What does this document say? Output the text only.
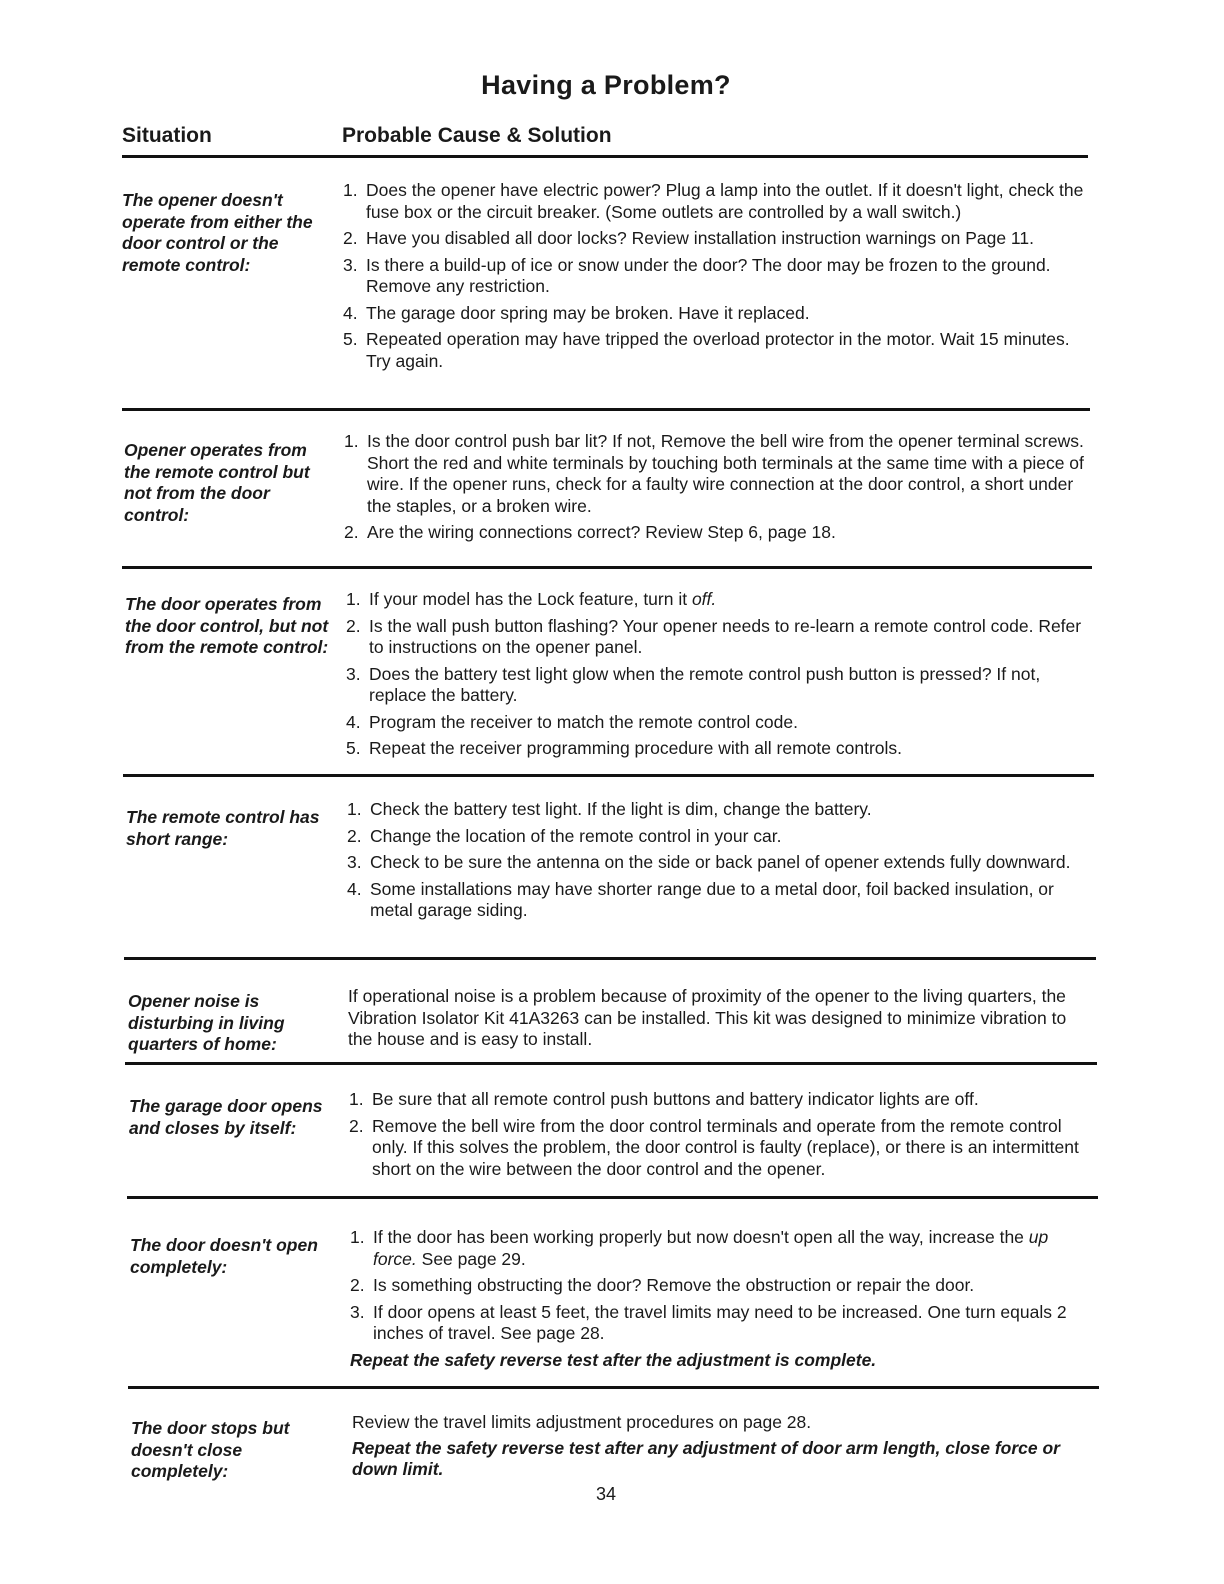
Having a Problem?
Situation	Probable Cause & Solution
The opener doesn't operate from either the door control or the remote control:
1. Does the opener have electric power? Plug a lamp into the outlet. If it doesn't light, check the fuse box or the circuit breaker. (Some outlets are controlled by a wall switch.)
2. Have you disabled all door locks? Review installation instruction warnings on Page 11.
3. Is there a build-up of ice or snow under the door? The door may be frozen to the ground. Remove any restriction.
4. The garage door spring may be broken. Have it replaced.
5. Repeated operation may have tripped the overload protector in the motor. Wait 15 minutes. Try again.
Opener operates from the remote control but not from the door control:
1. Is the door control push bar lit? If not, Remove the bell wire from the opener terminal screws. Short the red and white terminals by touching both terminals at the same time with a piece of wire. If the opener runs, check for a faulty wire connection at the door control, a short under the staples, or a broken wire.
2. Are the wiring connections correct? Review Step 6, page 18.
The door operates from the door control, but not from the remote control:
1. If your model has the Lock feature, turn it off.
2. Is the wall push button flashing? Your opener needs to re-learn a remote control code. Refer to instructions on the opener panel.
3. Does the battery test light glow when the remote control push button is pressed? If not, replace the battery.
4. Program the receiver to match the remote control code.
5. Repeat the receiver programming procedure with all remote controls.
The remote control has short range:
1. Check the battery test light. If the light is dim, change the battery.
2. Change the location of the remote control in your car.
3. Check to be sure the antenna on the side or back panel of opener extends fully downward.
4. Some installations may have shorter range due to a metal door, foil backed insulation, or metal garage siding.
Opener noise is disturbing in living quarters of home:

If operational noise is a problem because of proximity of the opener to the living quarters, the Vibration Isolator Kit 41A3263 can be installed. This kit was designed to minimize vibration to the house and is easy to install.

The garage door opens and closes by itself:
1. Be sure that all remote control push buttons and battery indicator lights are off.
2. Remove the bell wire from the door control terminals and operate from the remote control only. If this solves the problem, the door control is faulty (replace), or there is an intermittent short on the wire between the door control and the opener.
The door doesn't open completely:
1. If the door has been working properly but now doesn't open all the way, increase the up force. See page 29.
2. Is something obstructing the door? Remove the obstruction or repair the door.
3. If door opens at least 5 feet, the travel limits may need to be increased. One turn equals 2 inches of travel. See page 28.

Repeat the safety reverse test after the adjustment is complete.

The door stops but doesn't close completely:

Review the travel limits adjustment procedures on page 28.

Repeat the safety reverse test after any adjustment of door arm length, close force or down limit.

34
